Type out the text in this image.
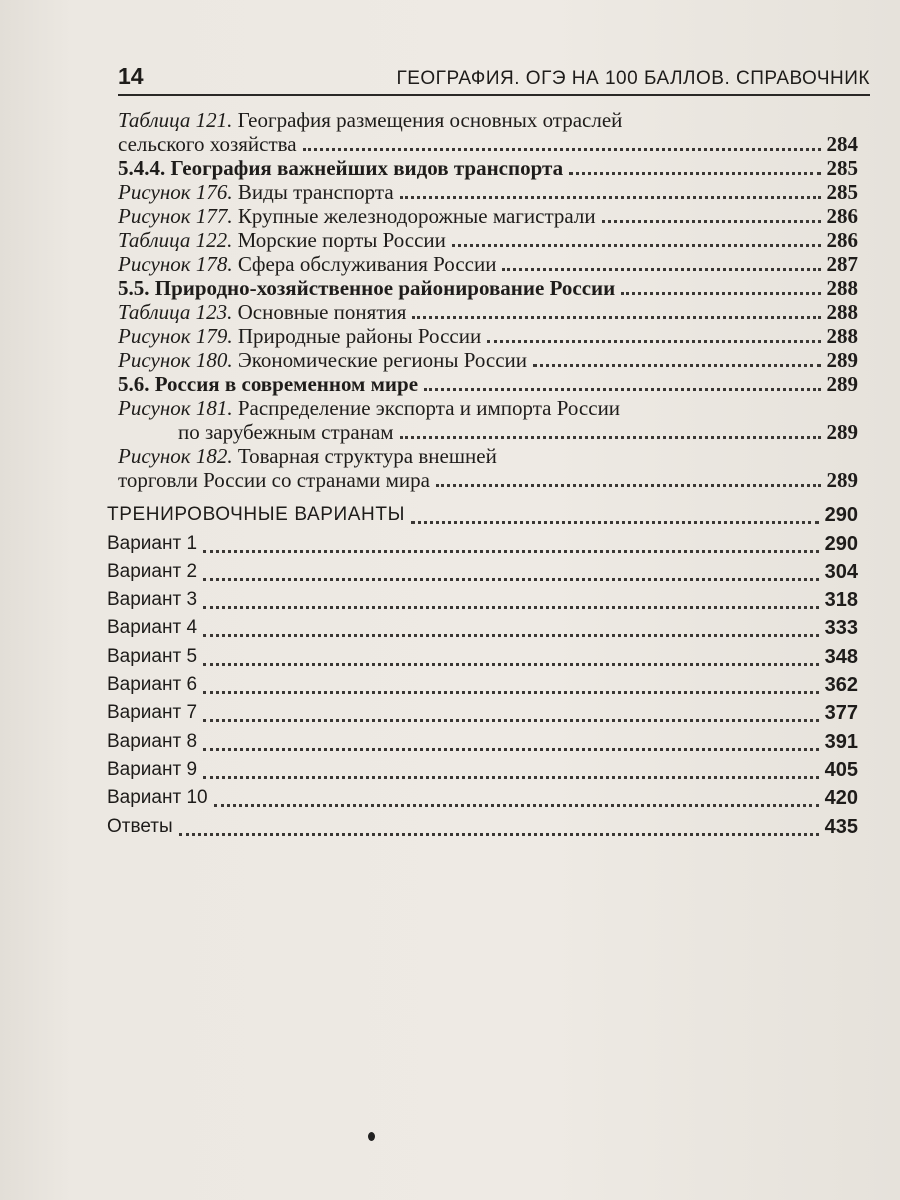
14	ГЕОГРАФИЯ. ОГЭ НА 100 БАЛЛОВ. СПРАВОЧНИК
Таблица 121. География размещения основных отраслей
сельского хозяйства	284
5.4.4. География важнейших видов транспорта	285
Рисунок 176. Виды транспорта	285
Рисунок 177. Крупные железнодорожные магистрали	286
Таблица 122. Морские порты России	286
Рисунок 178. Сфера обслуживания России	287
5.5. Природно-хозяйственное районирование России	288
Таблица 123. Основные понятия	288
Рисунок 179. Природные районы России	288
Рисунок 180. Экономические регионы России	289
5.6. Россия в современном мире	289
Рисунок 181. Распределение экспорта и импорта России
по зарубежным странам	289
Рисунок 182. Товарная структура внешней
торговли России со странами мира	289
ТРЕНИРОВОЧНЫЕ ВАРИАНТЫ	290
Вариант 1	290
Вариант 2	304
Вариант 3	318
Вариант 4	333
Вариант 5	348
Вариант 6	362
Вариант 7	377
Вариант 8	391
Вариант 9	405
Вариант 10	420
Ответы	435
